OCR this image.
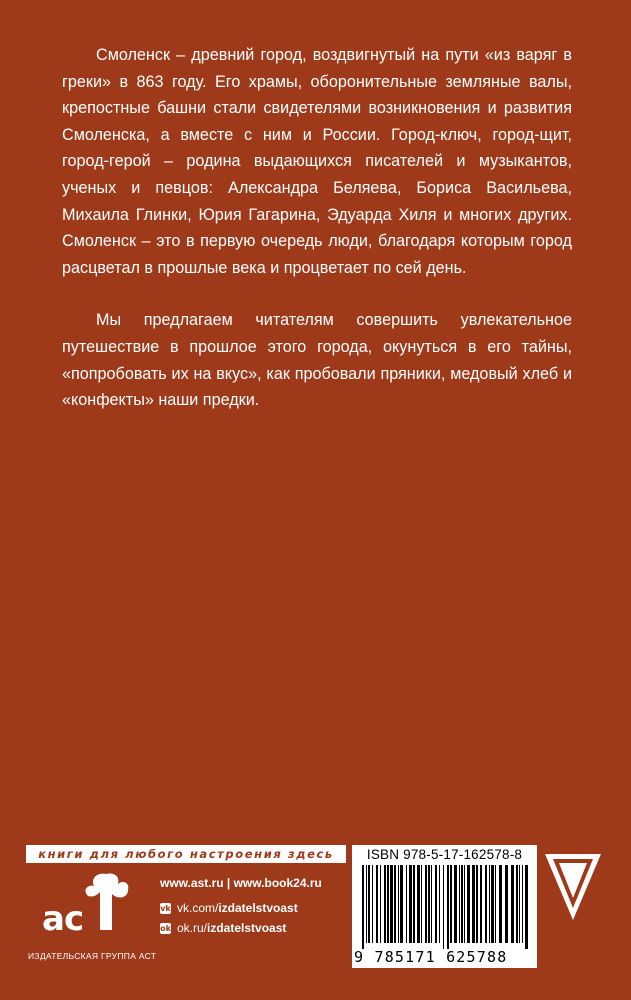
Смоленск – древний город, воздвигнутый на пути «из варяг в греки» в 863 году. Его храмы, оборонительные земляные валы, крепостные башни стали свидетелями возникновения и развития Смоленска, а вместе с ним и России. Город-ключ, город-щит, город-герой – родина выдающихся писателей и музыкантов, ученых и певцов: Александра Беляева, Бориса Васильева, Михаила Глинки, Юрия Гагарина, Эдуарда Хиля и многих других. Смоленск – это в первую очередь люди, благодаря которым город расцветал в прошлые века и процветает по сей день.

Мы предлагаем читателям совершить увлекательное путешествие в прошлое этого города, окунуться в его тайны, «попробовать их на вкус», как пробовали пряники, медовый хлеб и «конфекты» наши предки.

книги для любого настроения здесь
ас
ИЗДАТЕЛЬСКАЯ ГРУППА АСТ
www.ast.ru | www.book24.ru
vk vk.com/ izdatelstvoast
ok ok.ru/ izdatelstvoast
ISBN 978-5-17-162578-8
9 785171 625788
